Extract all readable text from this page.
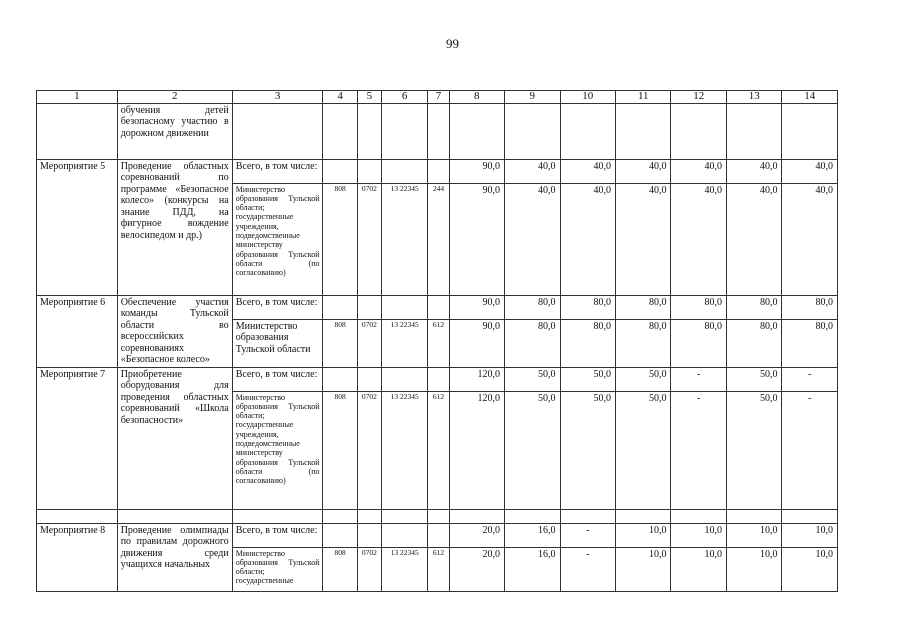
99
1	2	3	4	5	6	7	8	9	10	11	12	13	14
	обучения детей безопасному участию в дорожном движении												
Мероприятие 5	Проведение областных соревнований по программе «Безопасное колесо» (конкурсы на знание ПДД, на фигурное вождение велосипедом и др.)	Всего, в том числе:					90,0	40,0	40,0	40,0	40,0	40,0	40,0
		Министерство образования Тульской области; государственные учреждения, подведомственные министерству образования Тульской области (по согласованию)	808	0702	13 22345	244	90,0	40,0	40,0	40,0	40,0	40,0	40,0
Мероприятие 6	Обеспечение участия команды Тульской области во всероссийских соревнованиях «Безопасное колесо»	Всего, в том числе:					90,0	80,0	80,0	80,0	80,0	80,0	80,0
		Министерство образования Тульской области	808	0702	13 22345	612	90,0	80,0	80,0	80,0	80,0	80,0	80,0
Мероприятие 7	Приобретение оборудования для проведения областных соревнований «Школа безопасности»	Всего, в том числе:					120,0	50,0	50,0	50,0	-	50,0	-
		Министерство образования Тульской области; государственные учреждения, подведомственные министерству образования Тульской области (по согласованию)	808	0702	13 22345	612	120,0	50,0	50,0	50,0	-	50,0	-

Мероприятие 8	Проведение олимпиады по правилам дорожного движения среди учащихся начальных	Всего, в том числе:					20,0	16,0	-	10,0	10,0	10,0	10,0
		Министерство образования Тульской области; государственные	808	0702	13 22345	612	20,0	16,0	-	10,0	10,0	10,0	10,0
